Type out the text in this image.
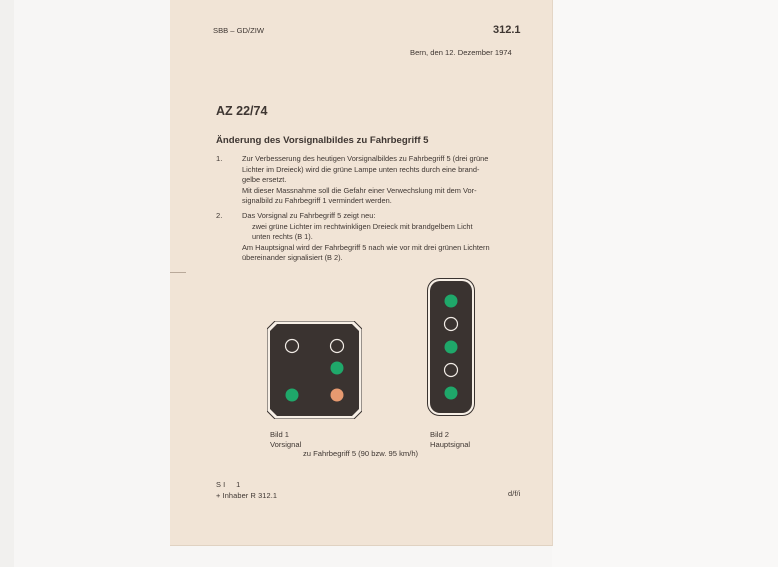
SBB – GD/ZIW	312.1
Bern, den 12. Dezember 1974
AZ 22/74
Änderung des Vorsignalbildes zu Fahrbegriff 5
1.	Zur Verbesserung des heutigen Vorsignalbildes zu Fahrbegriff 5 (drei grüne
Lichter im Dreieck) wird die grüne Lampe unten rechts durch eine brand-
gelbe ersetzt.
Mit dieser Massnahme soll die Gefahr einer Verwechslung mit dem Vor-
signalbild zu Fahrbegriff 1 vermindert werden.
2.	Das Vorsignal zu Fahrbegriff 5 zeigt neu:
zwei grüne Lichter im rechtwinkligen Dreieck mit brandgelbem Licht
unten rechts (B 1).
Am Hauptsignal wird der Fahrbegriff 5 nach wie vor mit drei grünen Lichtern
übereinander signalisiert (B 2).
Bild 1
Vorsignal
Bild 2
Hauptsignal
zu Fahrbegriff 5 (90 bzw. 95 km/h)
S I     1
+ Inhaber R 312.1	d/f/i
